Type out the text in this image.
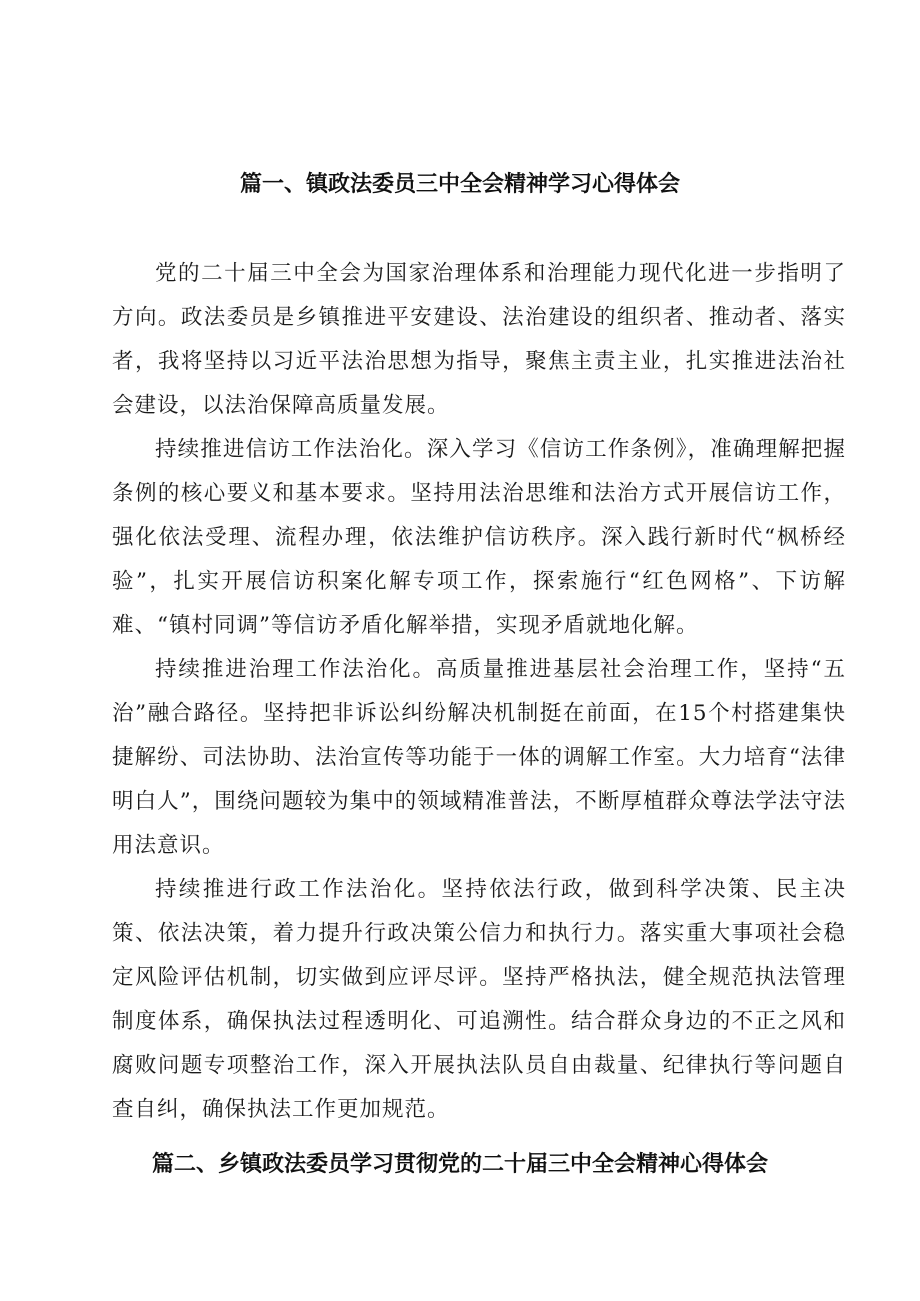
篇一、镇政法委员三中全会精神学习心得体会

党的二十届三中全会为国家治理体系和治理能力现代化进一步指明了方向。政法委员是乡镇推进平安建设、法治建设的组织者、推动者、落实者，我将坚持以习近平法治思想为指导，聚焦主责主业，扎实推进法治社会建设，以法治保障高质量发展。

持续推进信访工作法治化。深入学习《信访工作条例》，准确理解把握条例的核心要义和基本要求。坚持用法治思维和法治方式开展信访工作，强化依法受理、流程办理，依法维护信访秩序。深入践行新时代“枫桥经验”，扎实开展信访积案化解专项工作，探索施行“红色网格”、下访解难、“镇村同调”等信访矛盾化解举措，实现矛盾就地化解。

持续推进治理工作法治化。高质量推进基层社会治理工作，坚持“五治”融合路径。坚持把非诉讼纠纷解决机制挺在前面，在15个村搭建集快捷解纷、司法协助、法治宣传等功能于一体的调解工作室。大力培育“法律明白人”，围绕问题较为集中的领域精准普法，不断厚植群众尊法学法守法用法意识。

持续推进行政工作法治化。坚持依法行政，做到科学决策、民主决策、依法决策，着力提升行政决策公信力和执行力。落实重大事项社会稳定风险评估机制，切实做到应评尽评。坚持严格执法，健全规范执法管理制度体系，确保执法过程透明化、可追溯性。结合群众身边的不正之风和腐败问题专项整治工作，深入开展执法队员自由裁量、纪律执行等问题自查自纠，确保执法工作更加规范。

篇二、乡镇政法委员学习贯彻党的二十届三中全会精神心得体会
